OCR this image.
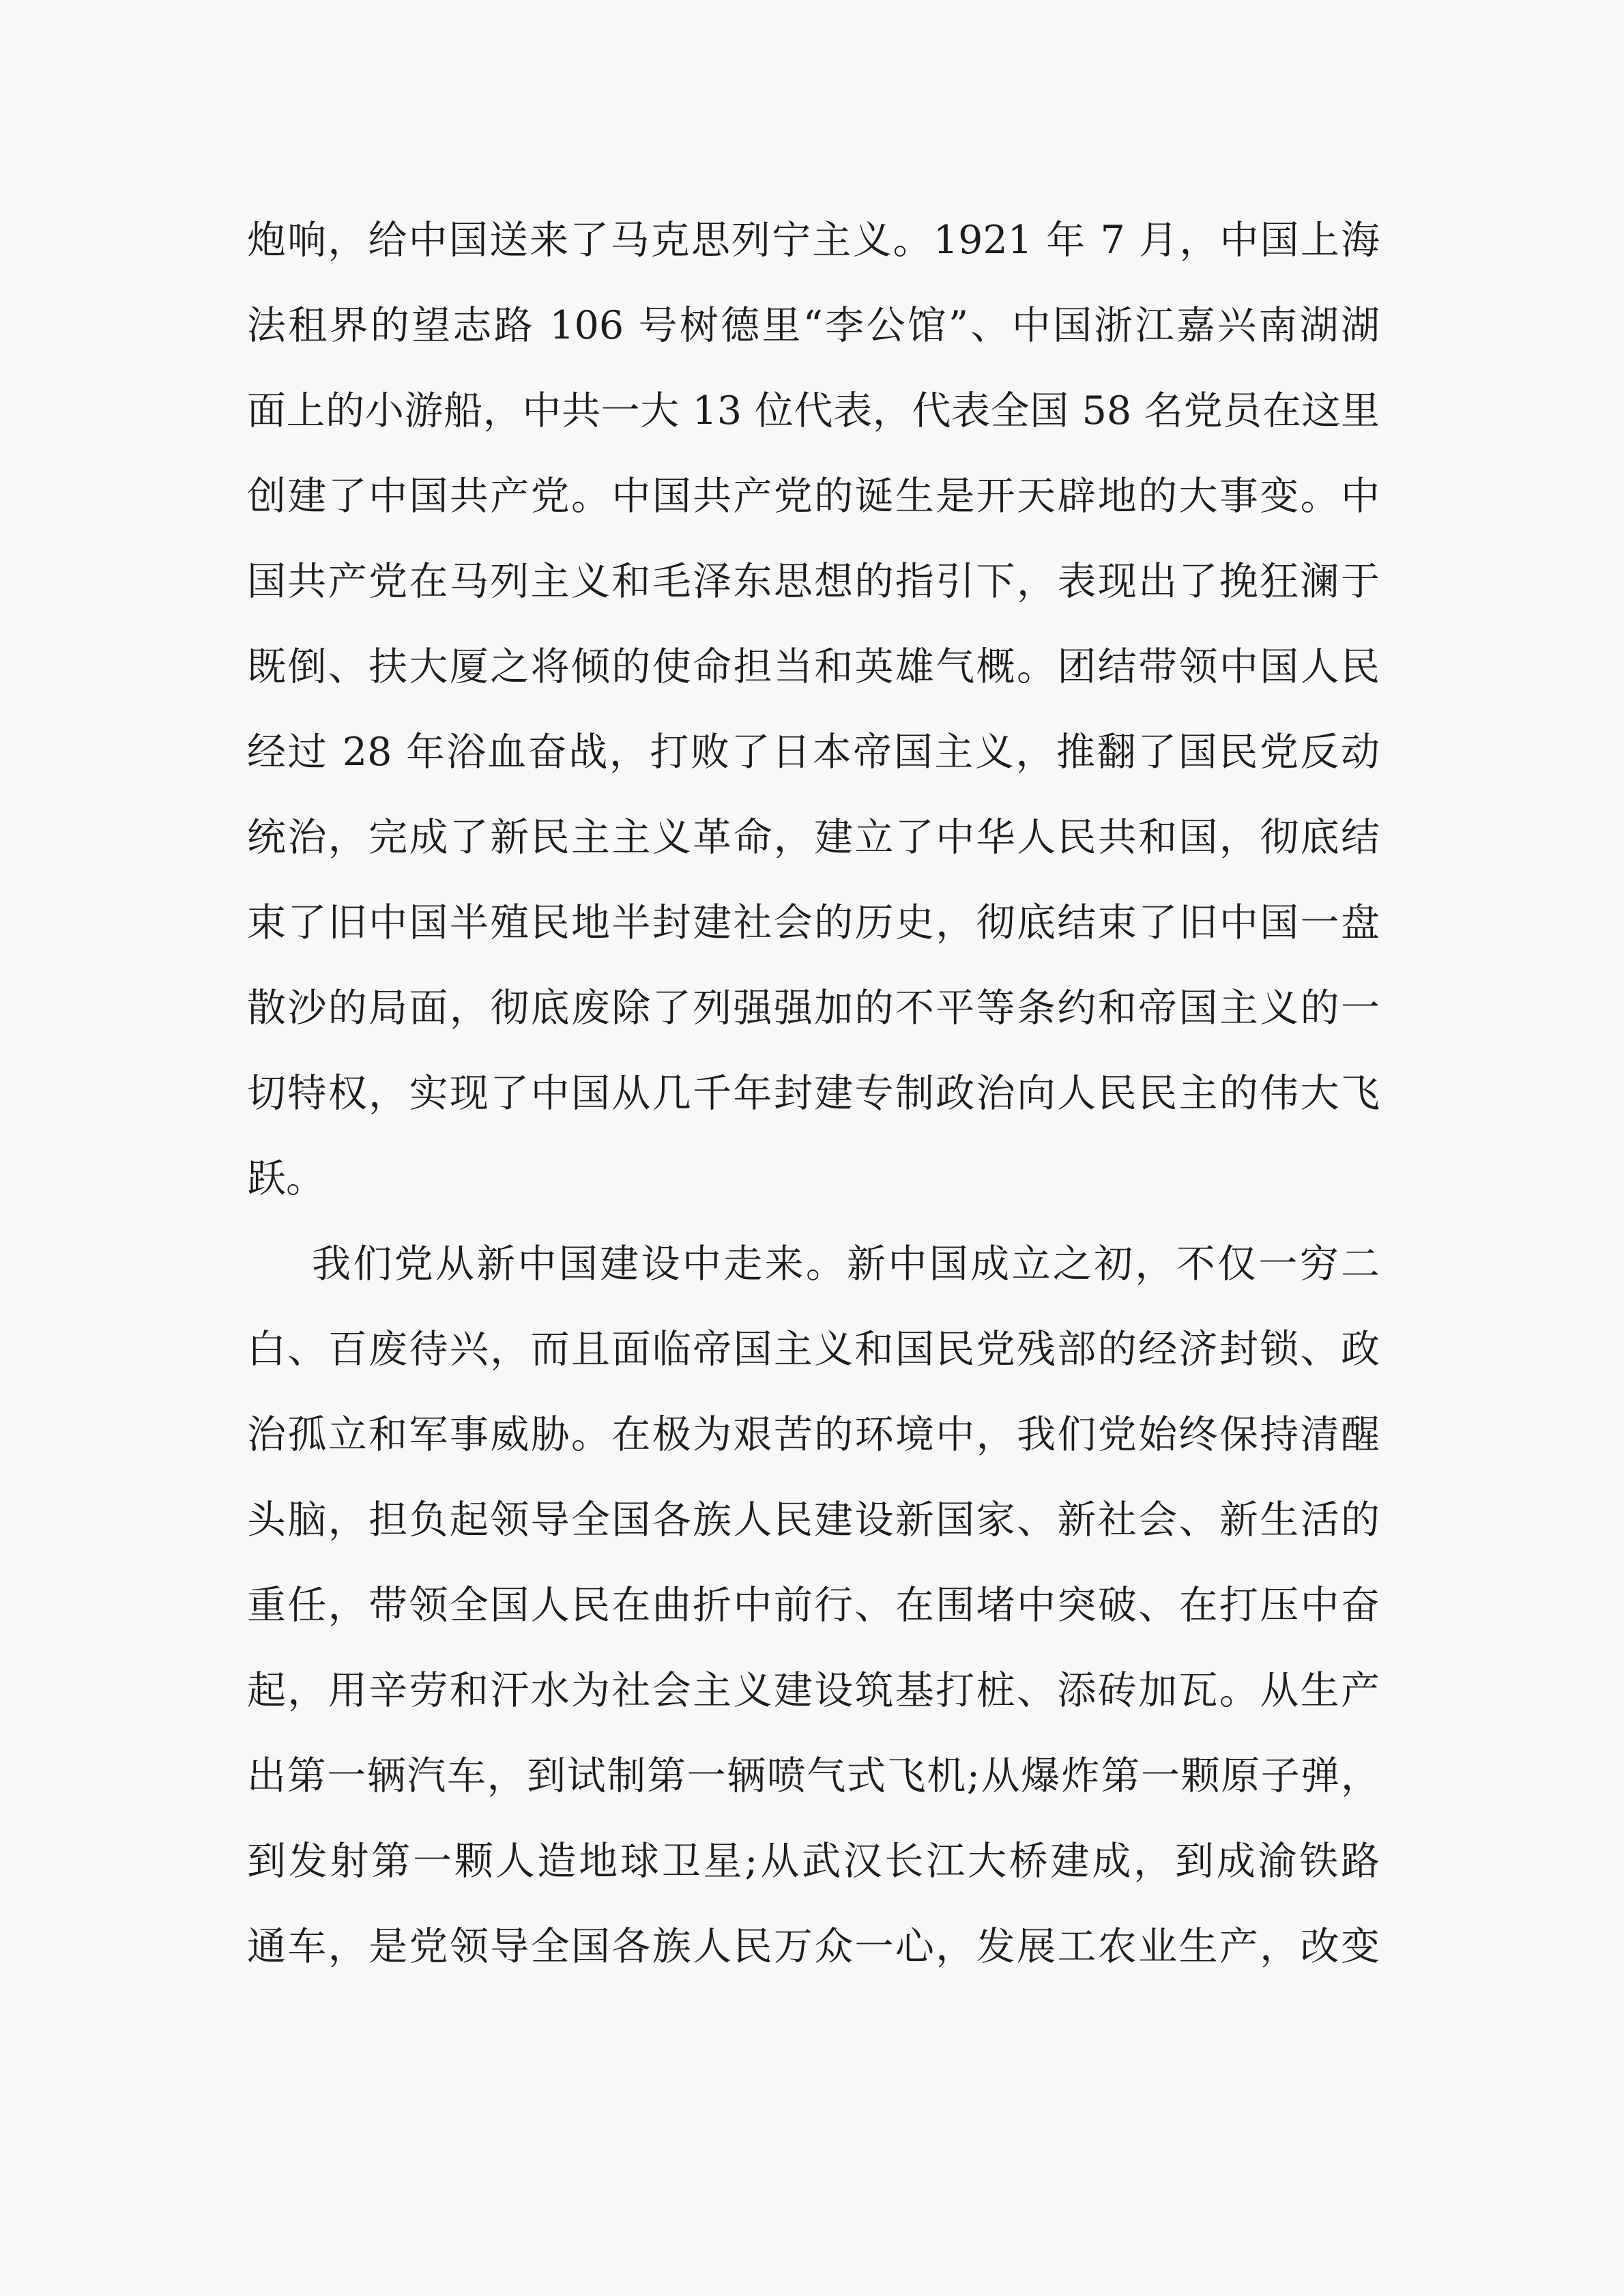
炮响，给中国送来了马克思列宁主义。1921 年 7 月，中国上海
法租界的望志路 106 号树德里“李公馆”、中国浙江嘉兴南湖湖
面上的小游船，中共一大 13 位代表，代表全国 58 名党员在这里
创建了中国共产党。中国共产党的诞生是开天辟地的大事变。中
国共产党在马列主义和毛泽东思想的指引下，表现出了挽狂澜于
既倒、扶大厦之将倾的使命担当和英雄气概。团结带领中国人民
经过 28 年浴血奋战，打败了日本帝国主义，推翻了国民党反动
统治，完成了新民主主义革命，建立了中华人民共和国，彻底结
束了旧中国半殖民地半封建社会的历史，彻底结束了旧中国一盘
散沙的局面，彻底废除了列强强加的不平等条约和帝国主义的一
切特权，实现了中国从几千年封建专制政治向人民民主的伟大飞
跃。
我们党从新中国建设中走来。新中国成立之初，不仅一穷二
白、百废待兴，而且面临帝国主义和国民党残部的经济封锁、政
治孤立和军事威胁。在极为艰苦的环境中，我们党始终保持清醒
头脑，担负起领导全国各族人民建设新国家、新社会、新生活的
重任，带领全国人民在曲折中前行、在围堵中突破、在打压中奋
起，用辛劳和汗水为社会主义建设筑基打桩、添砖加瓦。从生产
出第一辆汽车，到试制第一辆喷气式飞机;从爆炸第一颗原子弹，
到发射第一颗人造地球卫星;从武汉长江大桥建成，到成渝铁路
通车，是党领导全国各族人民万众一心，发展工农业生产，改变
